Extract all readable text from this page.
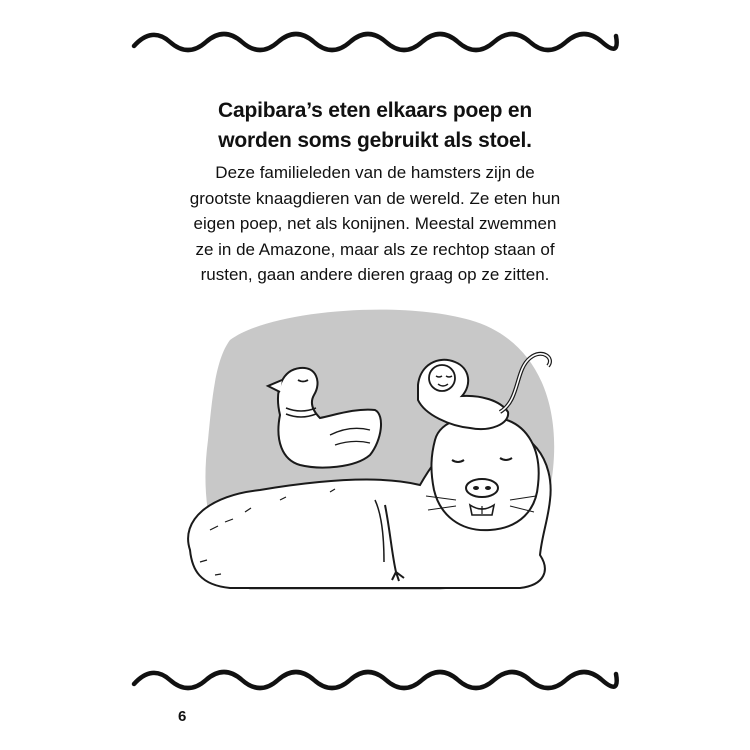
Capibara’s eten elkaars poep en
worden soms gebruikt als stoel.
Deze familieleden van de hamsters zijn de
grootste knaagdieren van de wereld. Ze eten hun
eigen poep, net als konijnen. Meestal zwemmen
ze in de Amazone, maar als ze rechtop staan of
rusten, gaan andere dieren graag op ze zitten.
6
